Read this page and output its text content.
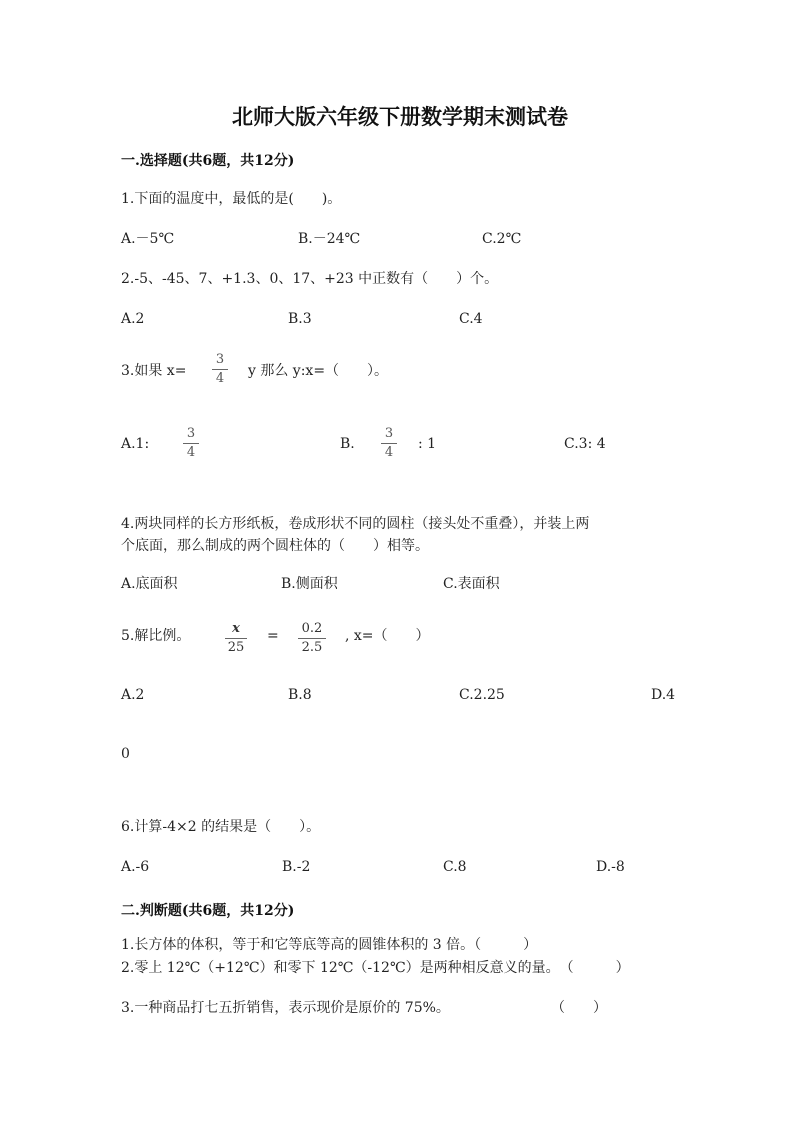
北师大版六年级下册数学期末测试卷
一.选择题(共6题，共12分)
1.下面的温度中，最低的是(　　)。
A.－5℃	B.－24℃	C.2℃
2.-5、-45、7、+1.3、0、17、+23 中正数有（　　）个。
A.2	B.3	C.4
3.如果 x=
3
4 y 那么 y:x=（　　）。
A.1:
3
4
B.
3
4
: 1	C.3: 4
4.两块同样的长方形纸板，卷成形状不同的圆柱（接头处不重叠），并装上两
个底面，那么制成的两个圆柱体的（　　）相等。
A.底面积	B.侧面积	C.表面积
5.解比例。	x
25
= 0.2
2.5
, x=（　　）
A.2	B.8	C.2.25	D.4
0
6.计算-4×2 的结果是（　　）。
A.-6	B.-2	C.8	D.-8
二.判断题(共6题，共12分)
1.长方体的体积，等于和它等底等高的圆锥体积的 3 倍。（　　　）
2.零上 12℃（+12℃）和零下 12℃（-12℃）是两种相反意义的量。　（　　　）
3.一种商品打七五折销售，表示现价是原价的 75%。	（　　）
